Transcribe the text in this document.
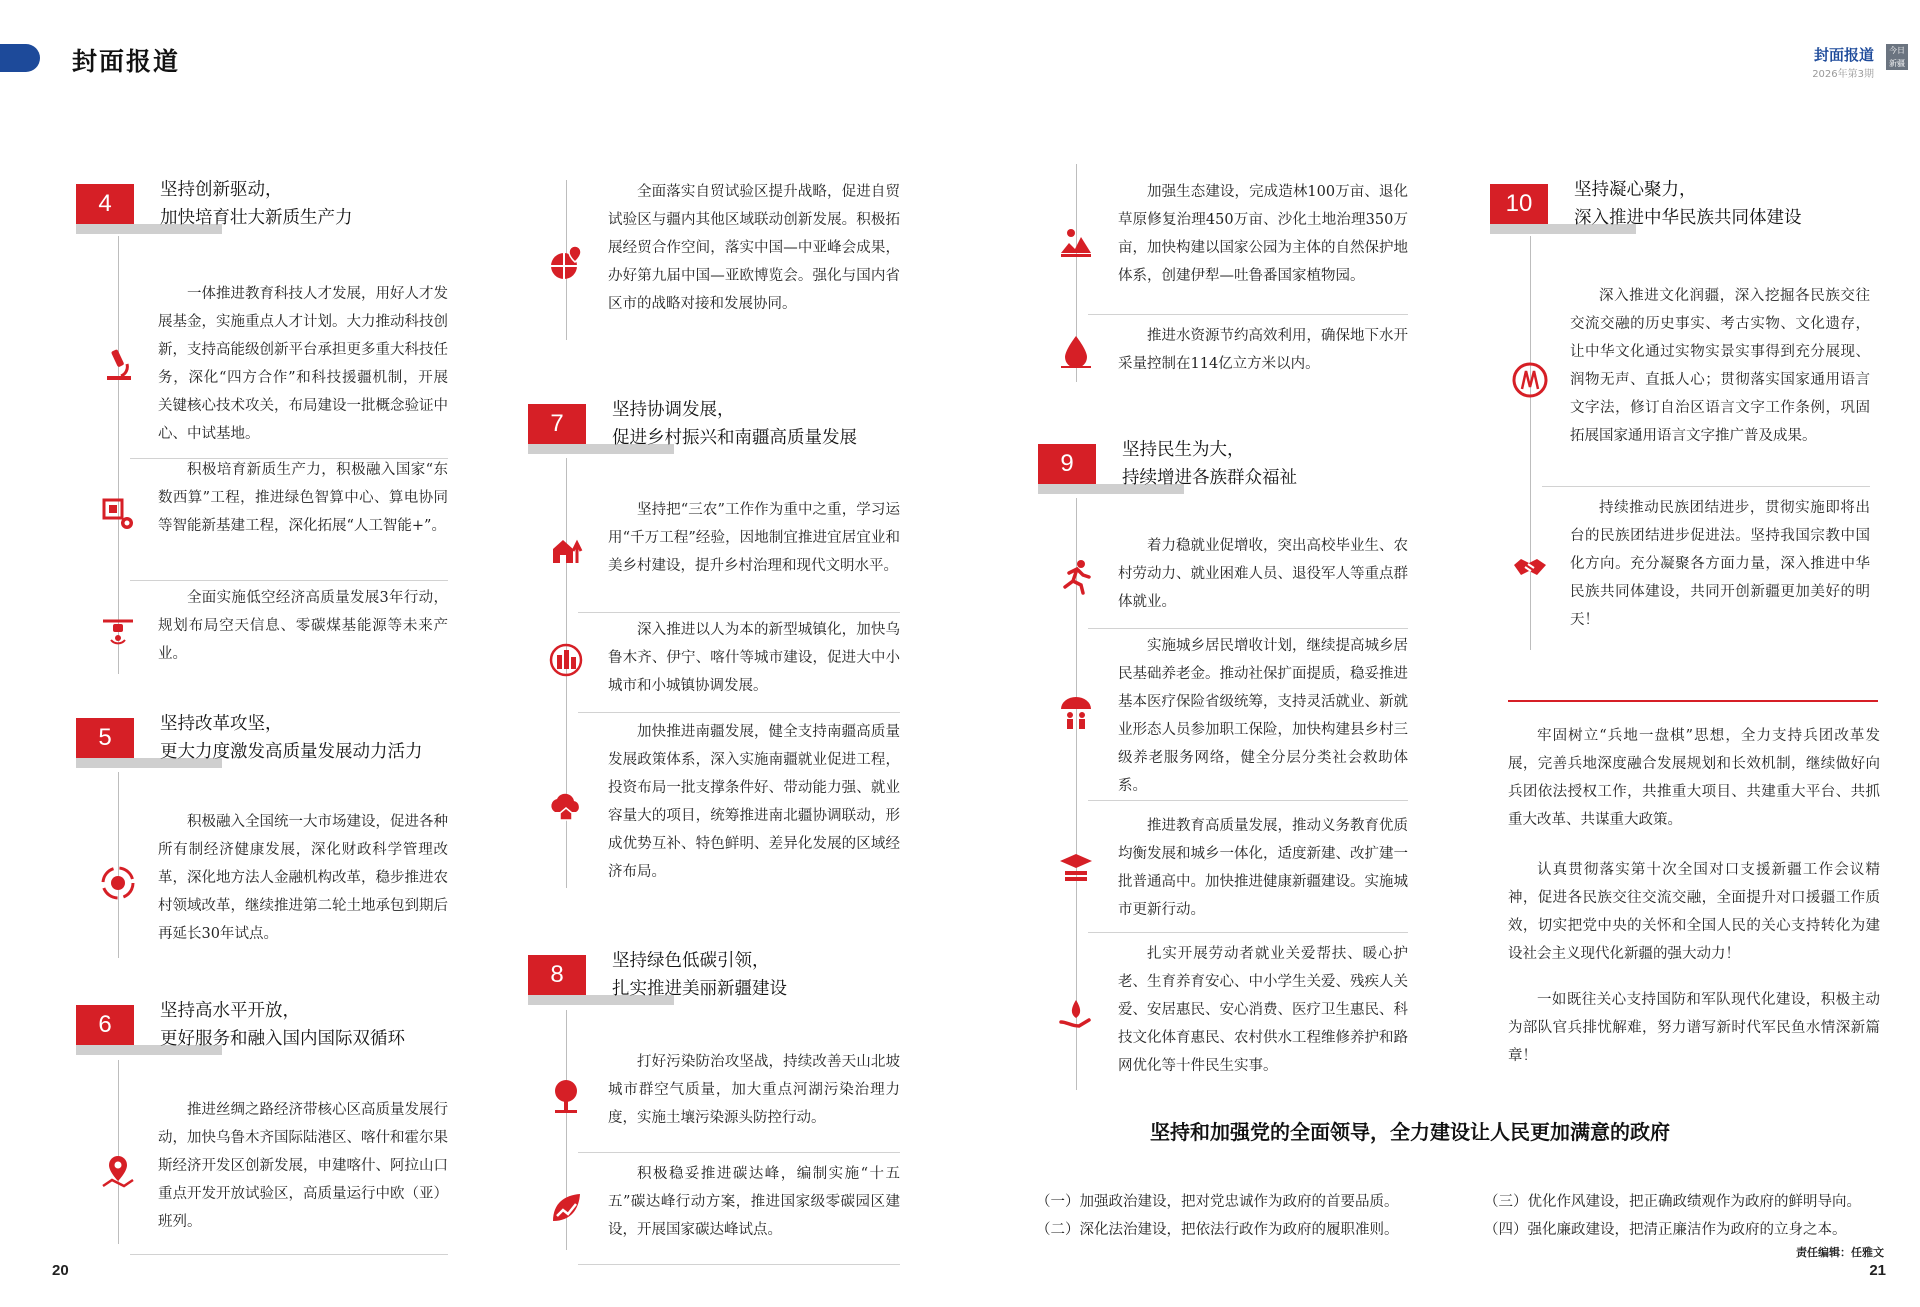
封面报道	封面报道
2026年第3期
今日新疆
4	坚持创新驱动，
加快培育壮大新质生产力
一体推进教育科技人才发展，用好人才发展基金，实施重点人才计划。大力推动科技创新，支持高能级创新平台承担更多重大科技任务，深化“四方合作”和科技援疆机制，开展关键核心技术攻关，布局建设一批概念验证中心、中试基地。
积极培育新质生产力，积极融入国家“东数西算”工程，推进绿色智算中心、算电协同等智能新基建工程，深化拓展“人工智能+”。
全面实施低空经济高质量发展3年行动，规划布局空天信息、零碳煤基能源等未来产业。
5	坚持改革攻坚，
更大力度激发高质量发展动力活力
积极融入全国统一大市场建设，促进各种所有制经济健康发展，深化财政科学管理改革，深化地方法人金融机构改革，稳步推进农村领域改革，继续推进第二轮土地承包到期后再延长30年试点。
6	坚持高水平开放，
更好服务和融入国内国际双循环
推进丝绸之路经济带核心区高质量发展行动，加快乌鲁木齐国际陆港区、喀什和霍尔果斯经济开发区创新发展，申建喀什、阿拉山口重点开发开放试验区，高质量运行中欧（亚）班列。
全面落实自贸试验区提升战略，促进自贸试验区与疆内其他区域联动创新发展。积极拓展经贸合作空间，落实中国—中亚峰会成果，办好第九届中国—亚欧博览会。强化与国内省区市的战略对接和发展协同。
7	坚持协调发展，
促进乡村振兴和南疆高质量发展
坚持把“三农”工作作为重中之重，学习运用“千万工程”经验，因地制宜推进宜居宜业和美乡村建设，提升乡村治理和现代文明水平。
深入推进以人为本的新型城镇化，加快乌鲁木齐、伊宁、喀什等城市建设，促进大中小城市和小城镇协调发展。
加快推进南疆发展，健全支持南疆高质量发展政策体系，深入实施南疆就业促进工程，投资布局一批支撑条件好、带动能力强、就业容量大的项目，统筹推进南北疆协调联动，形成优势互补、特色鲜明、差异化发展的区域经济布局。
8	坚持绿色低碳引领，
扎实推进美丽新疆建设
打好污染防治攻坚战，持续改善天山北坡城市群空气质量，加大重点河湖污染治理力度，实施土壤污染源头防控行动。
积极稳妥推进碳达峰，编制实施“十五五”碳达峰行动方案，推进国家级零碳园区建设，开展国家碳达峰试点。
加强生态建设，完成造林100万亩、退化草原修复治理450万亩、沙化土地治理350万亩，加快构建以国家公园为主体的自然保护地体系，创建伊犁—吐鲁番国家植物园。
推进水资源节约高效利用，确保地下水开采量控制在114亿立方米以内。
9	坚持民生为大，
持续增进各族群众福祉
着力稳就业促增收，突出高校毕业生、农村劳动力、就业困难人员、退役军人等重点群体就业。
实施城乡居民增收计划，继续提高城乡居民基础养老金。推动社保扩面提质，稳妥推进基本医疗保险省级统筹，支持灵活就业、新就业形态人员参加职工保险，加快构建县乡村三级养老服务网络，健全分层分类社会救助体系。
推进教育高质量发展，推动义务教育优质均衡发展和城乡一体化，适度新建、改扩建一批普通高中。加快推进健康新疆建设。实施城市更新行动。
扎实开展劳动者就业关爱帮扶、暖心护老、生育养育安心、中小学生关爱、残疾人关爱、安居惠民、安心消费、医疗卫生惠民、科技文化体育惠民、农村供水工程维修养护和路网优化等十件民生实事。
10	坚持凝心聚力，
深入推进中华民族共同体建设
深入推进文化润疆，深入挖掘各民族交往交流交融的历史事实、考古实物、文化遗存，让中华文化通过实物实景实事得到充分展现、润物无声、直抵人心；贯彻落实国家通用语言文字法，修订自治区语言文字工作条例，巩固拓展国家通用语言文字推广普及成果。
持续推动民族团结进步，贯彻实施即将出台的民族团结进步促进法。坚持我国宗教中国化方向。充分凝聚各方面力量，深入推进中华民族共同体建设，共同开创新疆更加美好的明天！
牢固树立“兵地一盘棋”思想，全力支持兵团改革发展，完善兵地深度融合发展规划和长效机制，继续做好向兵团依法授权工作，共推重大项目、共建重大平台、共抓重大改革、共谋重大政策。
认真贯彻落实第十次全国对口支援新疆工作会议精神，促进各民族交往交流交融，全面提升对口援疆工作质效，切实把党中央的关怀和全国人民的关心支持转化为建设社会主义现代化新疆的强大动力！
一如既往关心支持国防和军队现代化建设，积极主动为部队官兵排忧解难，努力谱写新时代军民鱼水情深新篇章！
坚持和加强党的全面领导，全力建设让人民更加满意的政府
（一）加强政治建设，把对党忠诚作为政府的首要品质。
（二）深化法治建设，把依法行政作为政府的履职准则。
（三）优化作风建设，把正确政绩观作为政府的鲜明导向。
（四）强化廉政建设，把清正廉洁作为政府的立身之本。
20	21
责任编辑：任雅文
